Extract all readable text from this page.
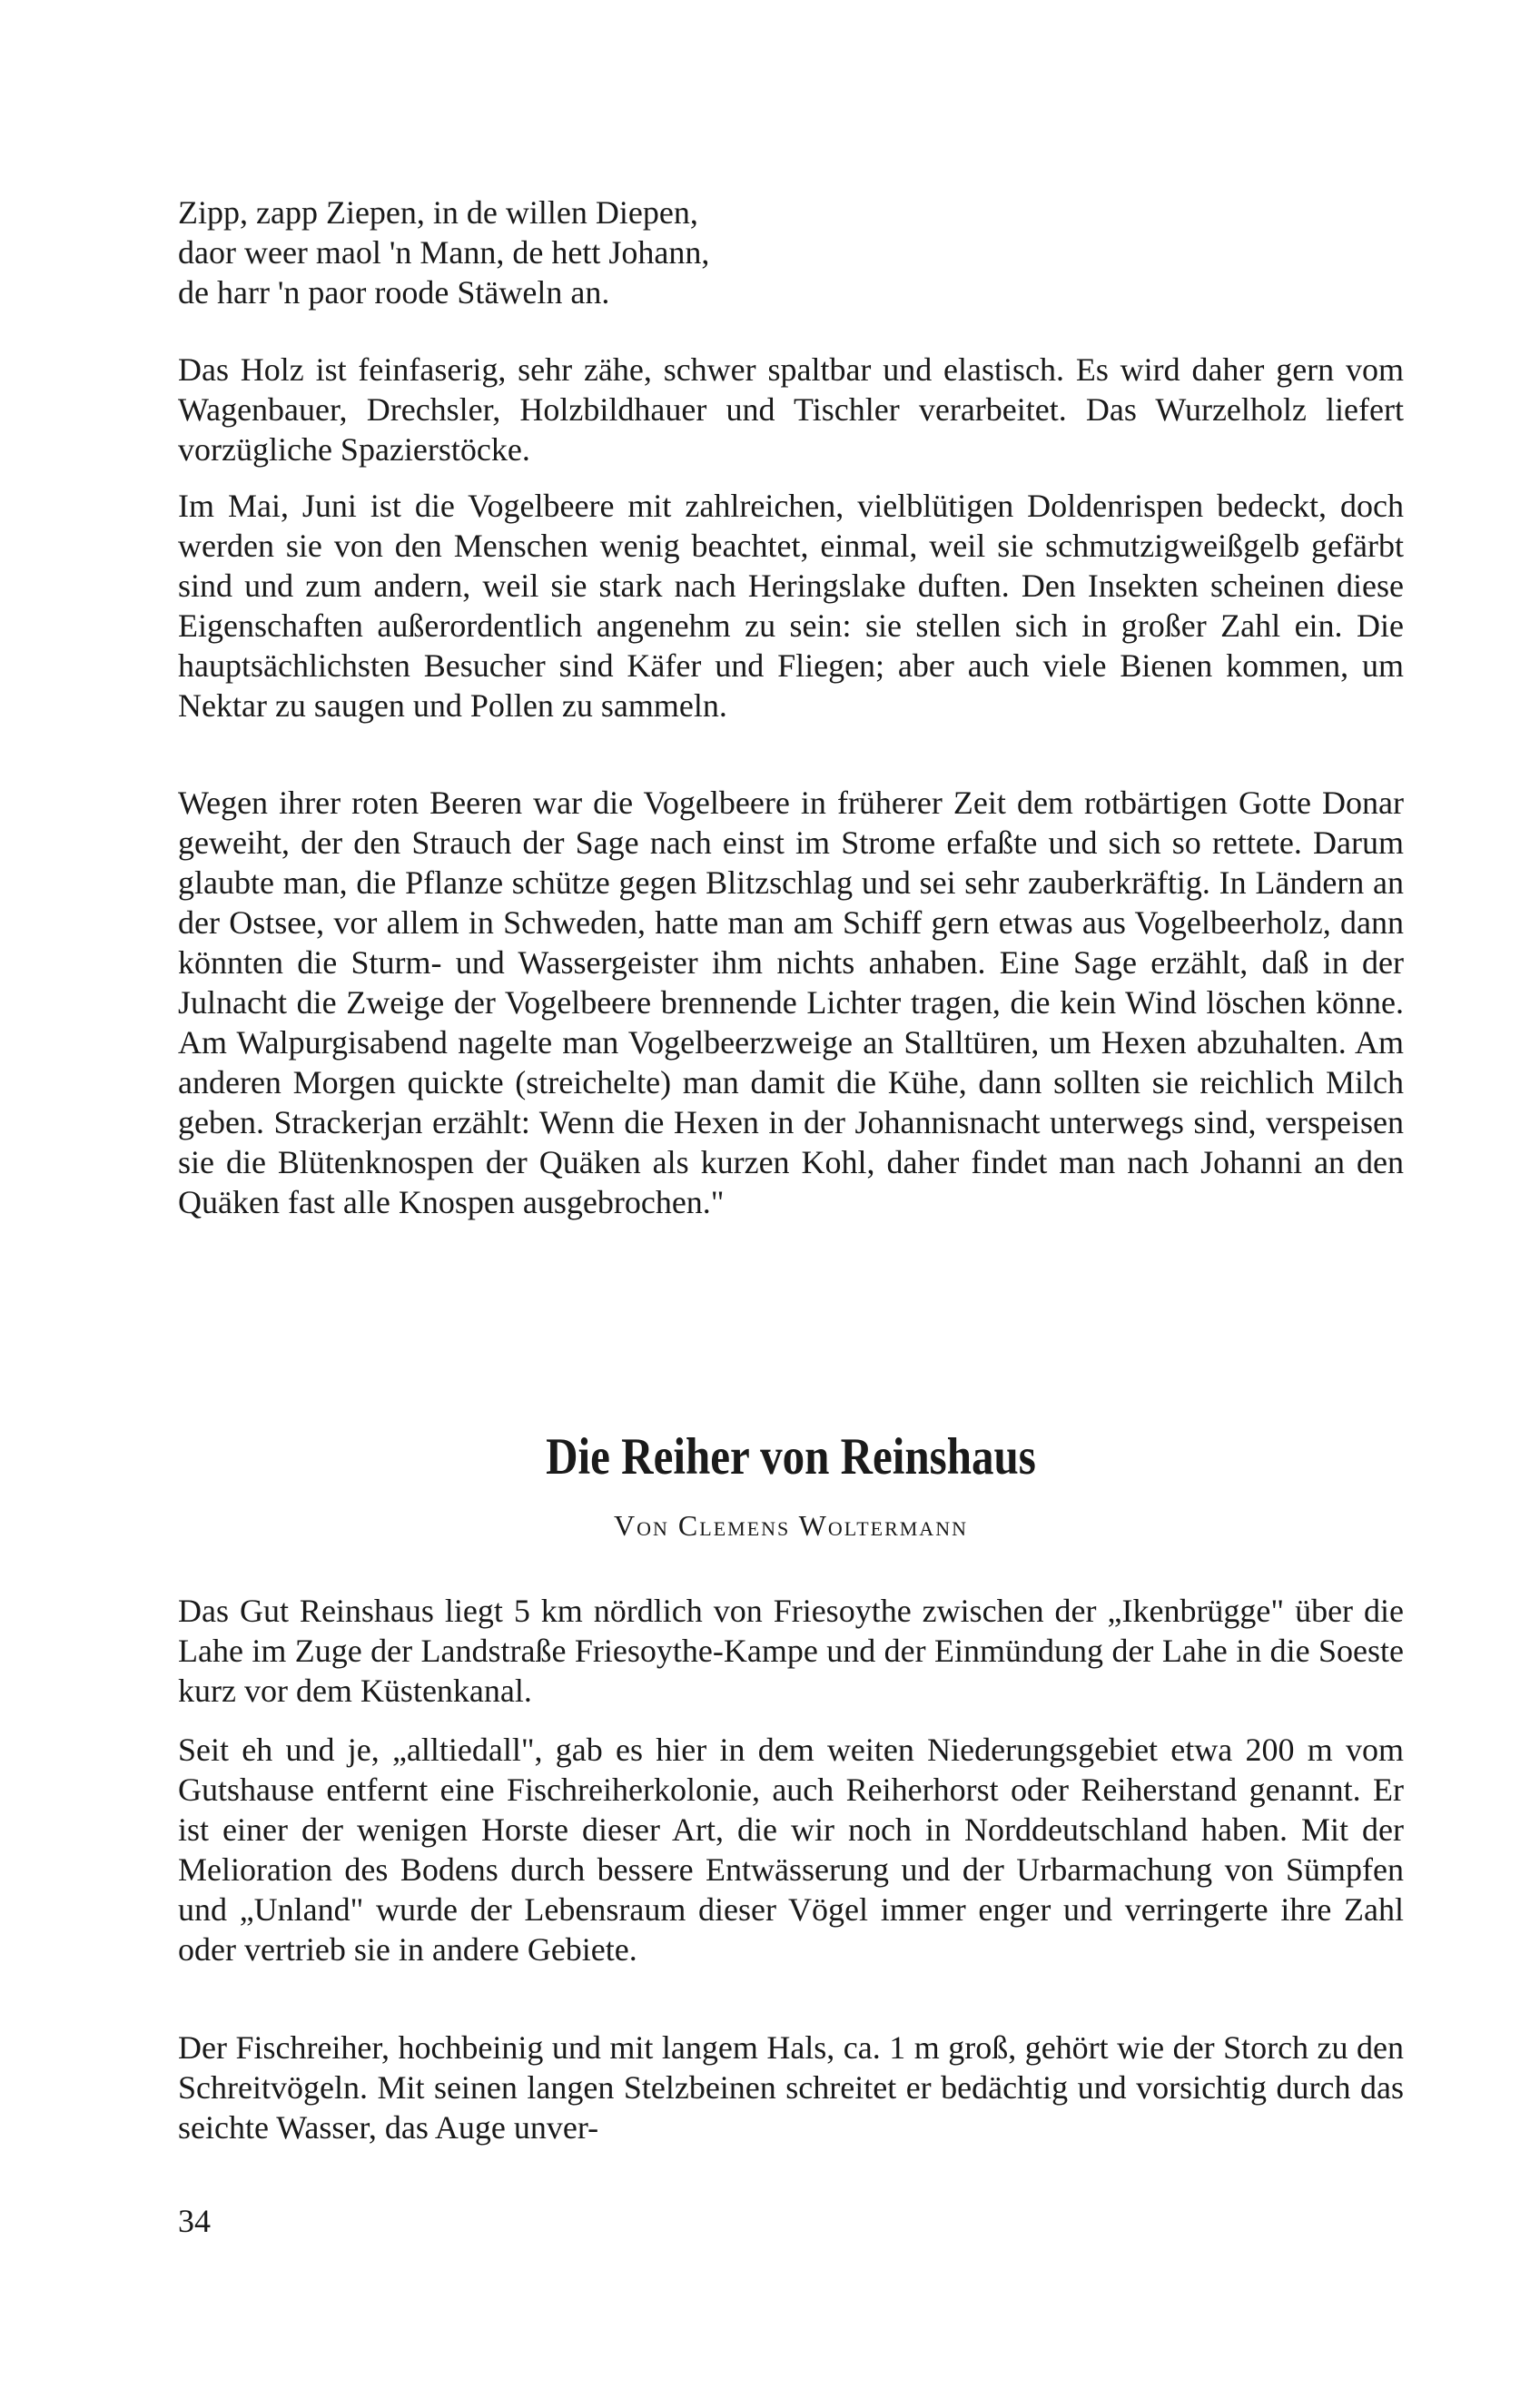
Zipp, zapp Ziepen, in de willen Diepen,
daor weer maol 'n Mann, de hett Johann,
de harr 'n paor roode Stäweln an.

Das Holz ist feinfaserig, sehr zähe, schwer spaltbar und elastisch. Es wird daher gern vom Wagenbauer, Drechsler, Holzbildhauer und Tischler verarbeitet. Das Wurzelholz liefert vorzügliche Spazierstöcke.

Im Mai, Juni ist die Vogelbeere mit zahlreichen, vielblütigen Doldenrispen bedeckt, doch werden sie von den Menschen wenig beachtet, einmal, weil sie schmutzigweißgelb gefärbt sind und zum andern, weil sie stark nach Heringslake duften. Den Insekten scheinen diese Eigenschaften außerordentlich angenehm zu sein: sie stellen sich in großer Zahl ein. Die hauptsächlichsten Besucher sind Käfer und Fliegen; aber auch viele Bienen kommen, um Nektar zu saugen und Pollen zu sammeln.

Wegen ihrer roten Beeren war die Vogelbeere in früherer Zeit dem rotbärtigen Gotte Donar geweiht, der den Strauch der Sage nach einst im Strome erfaßte und sich so rettete. Darum glaubte man, die Pflanze schütze gegen Blitzschlag und sei sehr zauberkräftig. In Ländern an der Ostsee, vor allem in Schweden, hatte man am Schiff gern etwas aus Vogelbeerholz, dann könnten die Sturm- und Wassergeister ihm nichts anhaben. Eine Sage erzählt, daß in der Julnacht die Zweige der Vogelbeere brennende Lichter tragen, die kein Wind löschen könne. Am Walpurgisabend nagelte man Vogelbeerzweige an Stalltüren, um Hexen abzuhalten. Am anderen Morgen quickte (streichelte) man damit die Kühe, dann sollten sie reichlich Milch geben. Strackerjan erzählt: Wenn die Hexen in der Johannisnacht unterwegs sind, verspeisen sie die Blütenknospen der Quäken als kurzen Kohl, daher findet man nach Johanni an den Quäken fast alle Knospen ausgebrochen."

Die Reiher von Reinshaus
Von Clemens Woltermann

Das Gut Reinshaus liegt 5 km nördlich von Friesoythe zwischen der „Ikenbrügge" über die Lahe im Zuge der Landstraße Friesoythe-Kampe und der Einmündung der Lahe in die Soeste kurz vor dem Küstenkanal.

Seit eh und je, „alltiedall", gab es hier in dem weiten Niederungsgebiet etwa 200 m vom Gutshause entfernt eine Fischreiherkolonie, auch Reiherhorst oder Reiherstand genannt. Er ist einer der wenigen Horste dieser Art, die wir noch in Norddeutschland haben. Mit der Melioration des Bodens durch bessere Entwässerung und der Urbarmachung von Sümpfen und „Unland" wurde der Lebensraum dieser Vögel immer enger und verringerte ihre Zahl oder vertrieb sie in andere Gebiete.

Der Fischreiher, hochbeinig und mit langem Hals, ca. 1 m groß, gehört wie der Storch zu den Schreitvögeln. Mit seinen langen Stelzbeinen schreitet er bedächtig und vorsichtig durch das seichte Wasser, das Auge unver-

34
